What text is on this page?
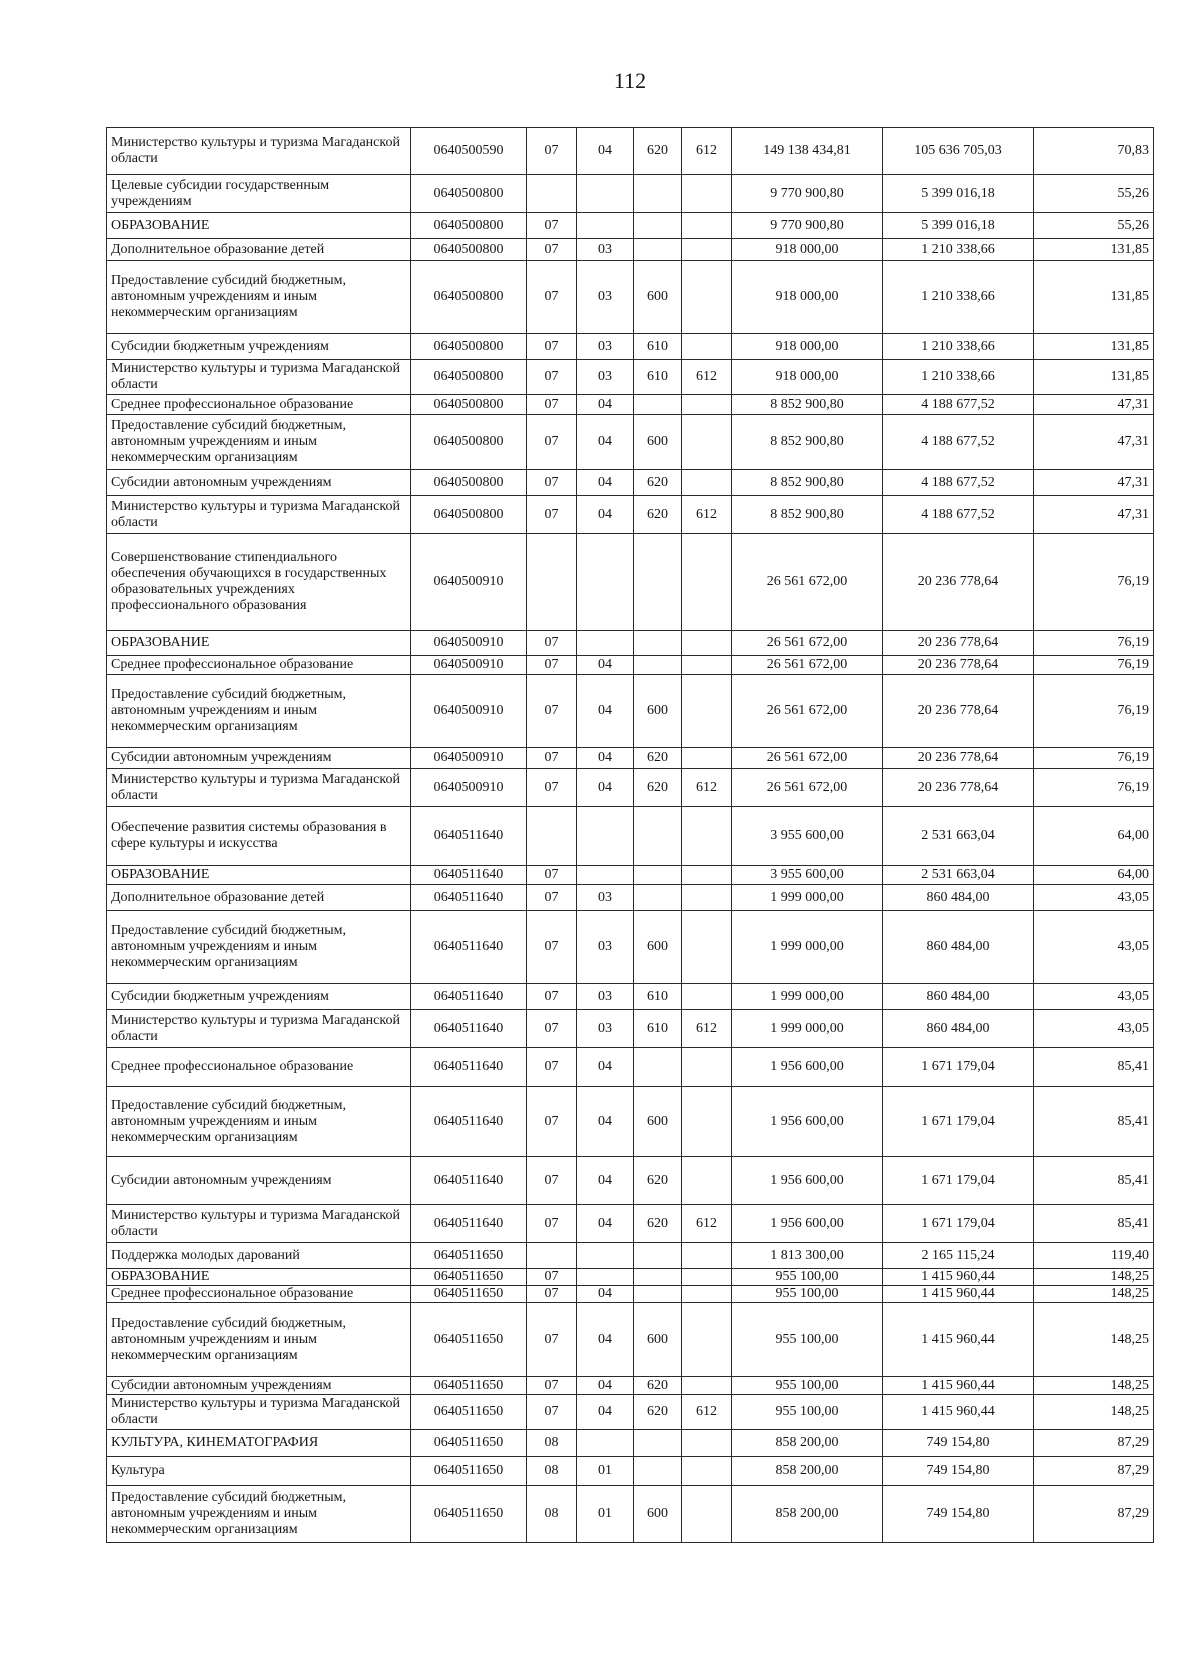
112
Министерство культуры и туризма Магаданской области	0640500590	07	04	620	612	149 138 434,81	105 636 705,03	70,83
Целевые субсидии государственным учреждениям	0640500800					9 770 900,80	5 399 016,18	55,26
ОБРАЗОВАНИЕ	0640500800	07				9 770 900,80	5 399 016,18	55,26
Дополнительное образование детей	0640500800	07	03			918 000,00	1 210 338,66	131,85
Предоставление субсидий бюджетным, автономным учреждениям и иным некоммерческим организациям	0640500800	07	03	600		918 000,00	1 210 338,66	131,85
Субсидии бюджетным учреждениям	0640500800	07	03	610		918 000,00	1 210 338,66	131,85
Министерство культуры и туризма Магаданской области	0640500800	07	03	610	612	918 000,00	1 210 338,66	131,85
Среднее профессиональное образование	0640500800	07	04			8 852 900,80	4 188 677,52	47,31
Предоставление субсидий бюджетным, автономным учреждениям и иным некоммерческим организациям	0640500800	07	04	600		8 852 900,80	4 188 677,52	47,31
Субсидии автономным учреждениям	0640500800	07	04	620		8 852 900,80	4 188 677,52	47,31
Министерство культуры и туризма Магаданской области	0640500800	07	04	620	612	8 852 900,80	4 188 677,52	47,31
Совершенствование стипендиального обеспечения обучающихся в государственных образовательных учреждениях профессионального образования	0640500910					26 561 672,00	20 236 778,64	76,19
ОБРАЗОВАНИЕ	0640500910	07				26 561 672,00	20 236 778,64	76,19
Среднее профессиональное образование	0640500910	07	04			26 561 672,00	20 236 778,64	76,19
Предоставление субсидий бюджетным, автономным учреждениям и иным некоммерческим организациям	0640500910	07	04	600		26 561 672,00	20 236 778,64	76,19
Субсидии автономным учреждениям	0640500910	07	04	620		26 561 672,00	20 236 778,64	76,19
Министерство культуры и туризма Магаданской области	0640500910	07	04	620	612	26 561 672,00	20 236 778,64	76,19
Обеспечение развития системы образования в сфере культуры и искусства	0640511640					3 955 600,00	2 531 663,04	64,00
ОБРАЗОВАНИЕ	0640511640	07				3 955 600,00	2 531 663,04	64,00
Дополнительное образование детей	0640511640	07	03			1 999 000,00	860 484,00	43,05
Предоставление субсидий бюджетным, автономным учреждениям и иным некоммерческим организациям	0640511640	07	03	600		1 999 000,00	860 484,00	43,05
Субсидии бюджетным учреждениям	0640511640	07	03	610		1 999 000,00	860 484,00	43,05
Министерство культуры и туризма Магаданской области	0640511640	07	03	610	612	1 999 000,00	860 484,00	43,05
Среднее профессиональное образование	0640511640	07	04			1 956 600,00	1 671 179,04	85,41
Предоставление субсидий бюджетным, автономным учреждениям и иным некоммерческим организациям	0640511640	07	04	600		1 956 600,00	1 671 179,04	85,41
Субсидии автономным учреждениям	0640511640	07	04	620		1 956 600,00	1 671 179,04	85,41
Министерство культуры и туризма Магаданской области	0640511640	07	04	620	612	1 956 600,00	1 671 179,04	85,41
Поддержка молодых дарований	0640511650					1 813 300,00	2 165 115,24	119,40
ОБРАЗОВАНИЕ	0640511650	07				955 100,00	1 415 960,44	148,25
Среднее профессиональное образование	0640511650	07	04			955 100,00	1 415 960,44	148,25
Предоставление субсидий бюджетным, автономным учреждениям и иным некоммерческим организациям	0640511650	07	04	600		955 100,00	1 415 960,44	148,25
Субсидии автономным учреждениям	0640511650	07	04	620		955 100,00	1 415 960,44	148,25
Министерство культуры и туризма Магаданской области	0640511650	07	04	620	612	955 100,00	1 415 960,44	148,25
КУЛЬТУРА, КИНЕМАТОГРАФИЯ	0640511650	08				858 200,00	749 154,80	87,29
Культура	0640511650	08	01			858 200,00	749 154,80	87,29
Предоставление субсидий бюджетным, автономным учреждениям и иным некоммерческим организациям	0640511650	08	01	600		858 200,00	749 154,80	87,29
